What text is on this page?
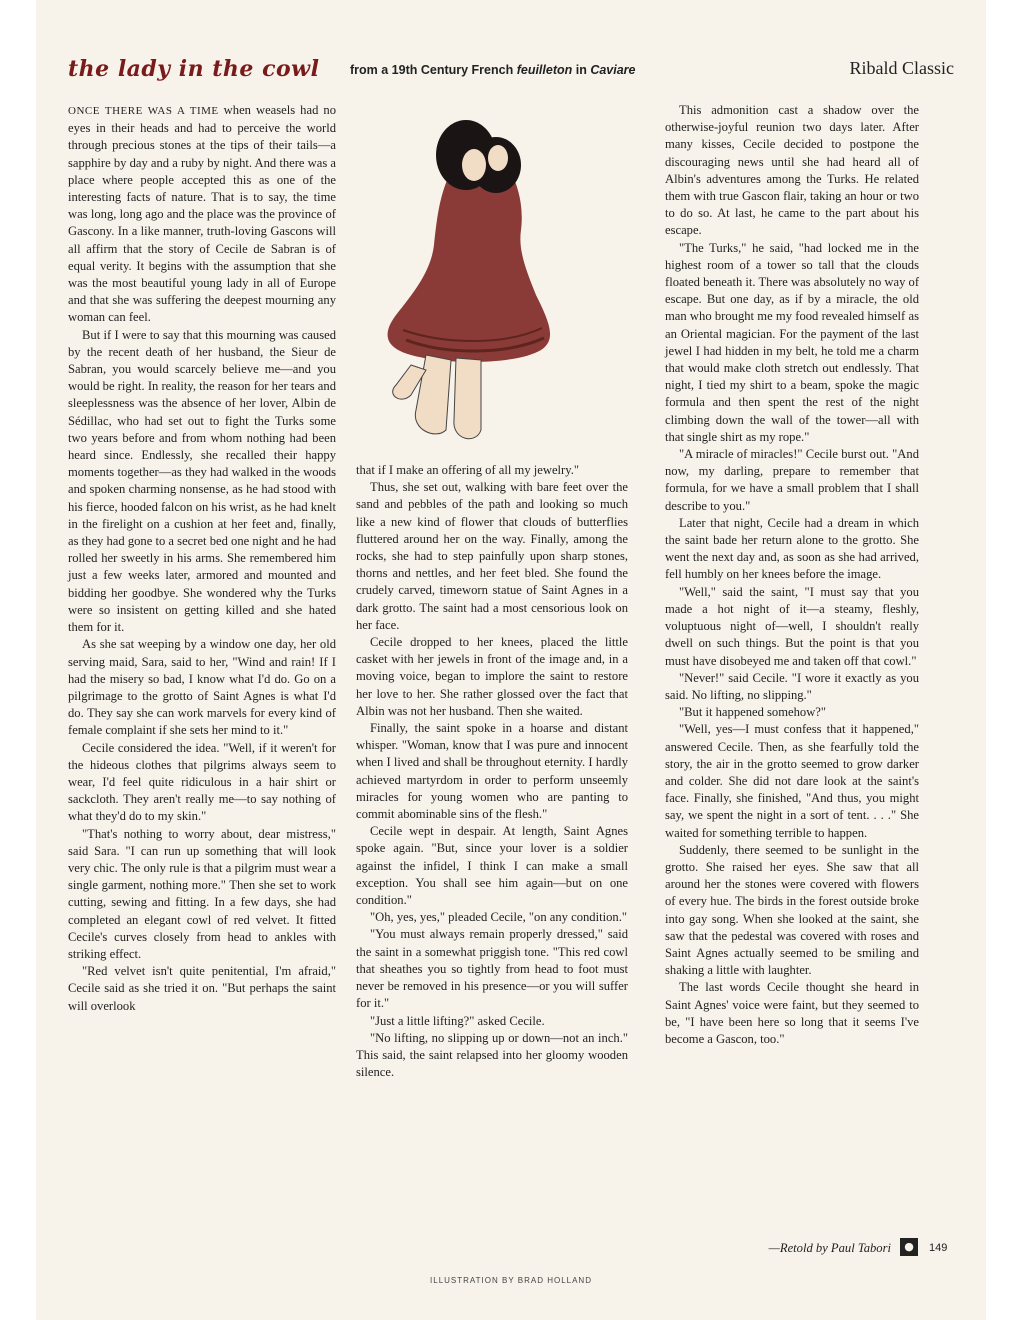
the lady in the cowl from a 19th Century French feuilleton in Caviare	Ribald Classic

ONCE THERE WAS A TIME when weasels had no eyes in their heads and had to perceive the world through precious stones at the tips of their tails—a sapphire by day and a ruby by night. And there was a place where people accepted this as one of the interesting facts of nature. That is to say, the time was long, long ago and the place was the province of Gascony. In a like manner, truth-loving Gascons will all affirm that the story of Cecile de Sabran is of equal verity. It begins with the assumption that she was the most beautiful young lady in all of Europe and that she was suffering the deepest mourning any woman can feel.

But if I were to say that this mourning was caused by the recent death of her husband, the Sieur de Sabran, you would scarcely believe me—and you would be right. In reality, the reason for her tears and sleeplessness was the absence of her lover, Albin de Sédillac, who had set out to fight the Turks some two years before and from whom nothing had been heard since. Endlessly, she recalled their happy moments together—as they had walked in the woods and spoken charming nonsense, as he had stood with his fierce, hooded falcon on his wrist, as he had knelt in the firelight on a cushion at her feet and, finally, as they had gone to a secret bed one night and he had rolled her sweetly in his arms. She remembered him just a few weeks later, armored and mounted and bidding her goodbye. She wondered why the Turks were so insistent on getting killed and she hated them for it.

As she sat weeping by a window one day, her old serving maid, Sara, said to her, "Wind and rain! If I had the misery so bad, I know what I'd do. Go on a pilgrimage to the grotto of Saint Agnes is what I'd do. They say she can work marvels for every kind of female complaint if she sets her mind to it."

Cecile considered the idea. "Well, if it weren't for the hideous clothes that pilgrims always seem to wear, I'd feel quite ridiculous in a hair shirt or sackcloth. They aren't really me—to say nothing of what they'd do to my skin."

"That's nothing to worry about, dear mistress," said Sara. "I can run up something that will look very chic. The only rule is that a pilgrim must wear a single garment, nothing more." Then she set to work cutting, sewing and fitting. In a few days, she had completed an elegant cowl of red velvet. It fitted Cecile's curves closely from head to ankles with striking effect.

"Red velvet isn't quite penitential, I'm afraid," Cecile said as she tried it on. "But perhaps the saint will overlook

that if I make an offering of all my jewelry."

Thus, she set out, walking with bare feet over the sand and pebbles of the path and looking so much like a new kind of flower that clouds of butterflies fluttered around her on the way. Finally, among the rocks, she had to step painfully upon sharp stones, thorns and nettles, and her feet bled. She found the crudely carved, timeworn statue of Saint Agnes in a dark grotto. The saint had a most censorious look on her face.

Cecile dropped to her knees, placed the little casket with her jewels in front of the image and, in a moving voice, began to implore the saint to restore her love to her. She rather glossed over the fact that Albin was not her husband. Then she waited.

Finally, the saint spoke in a hoarse and distant whisper. "Woman, know that I was pure and innocent when I lived and shall be throughout eternity. I hardly achieved martyrdom in order to perform unseemly miracles for young women who are panting to commit abominable sins of the flesh."

Cecile wept in despair. At length, Saint Agnes spoke again. "But, since your lover is a soldier against the infidel, I think I can make a small exception. You shall see him again—but on one condition."

"Oh, yes, yes," pleaded Cecile, "on any condition."

"You must always remain properly dressed," said the saint in a somewhat priggish tone. "This red cowl that sheathes you so tightly from head to foot must never be removed in his presence—or you will suffer for it."

"Just a little lifting?" asked Cecile.

"No lifting, no slipping up or down—not an inch." This said, the saint relapsed into her gloomy wooden silence.

This admonition cast a shadow over the otherwise-joyful reunion two days later. After many kisses, Cecile decided to postpone the discouraging news until she had heard all of Albin's adventures among the Turks. He related them with true Gascon flair, taking an hour or two to do so. At last, he came to the part about his escape.

"The Turks," he said, "had locked me in the highest room of a tower so tall that the clouds floated beneath it. There was absolutely no way of escape. But one day, as if by a miracle, the old man who brought me my food revealed himself as an Oriental magician. For the payment of the last jewel I had hidden in my belt, he told me a charm that would make cloth stretch out endlessly. That night, I tied my shirt to a beam, spoke the magic formula and then spent the rest of the night climbing down the wall of the tower—all with that single shirt as my rope."

"A miracle of miracles!" Cecile burst out. "And now, my darling, prepare to remember that formula, for we have a small problem that I shall describe to you."

Later that night, Cecile had a dream in which the saint bade her return alone to the grotto. She went the next day and, as soon as she had arrived, fell humbly on her knees before the image.

"Well," said the saint, "I must say that you made a hot night of it—a steamy, fleshly, voluptuous night of—well, I shouldn't really dwell on such things. But the point is that you must have disobeyed me and taken off that cowl."

"Never!" said Cecile. "I wore it exactly as you said. No lifting, no slipping."

"But it happened somehow?"

"Well, yes—I must confess that it happened," answered Cecile. Then, as she fearfully told the story, the air in the grotto seemed to grow darker and colder. She did not dare look at the saint's face. Finally, she finished, "And thus, you might say, we spent the night in a sort of tent. . . ." She waited for something terrible to happen.

Suddenly, there seemed to be sunlight in the grotto. She raised her eyes. She saw that all around her the stones were covered with flowers of every hue. The birds in the forest outside broke into gay song. When she looked at the saint, she saw that the pedestal was covered with roses and Saint Agnes actually seemed to be smiling and shaking a little with laughter.

The last words Cecile thought she heard in Saint Agnes' voice were faint, but they seemed to be, "I have been here so long that it seems I've become a Gascon, too."

—Retold by Paul Tabori	●	149
ILLUSTRATION BY BRAD HOLLAND
